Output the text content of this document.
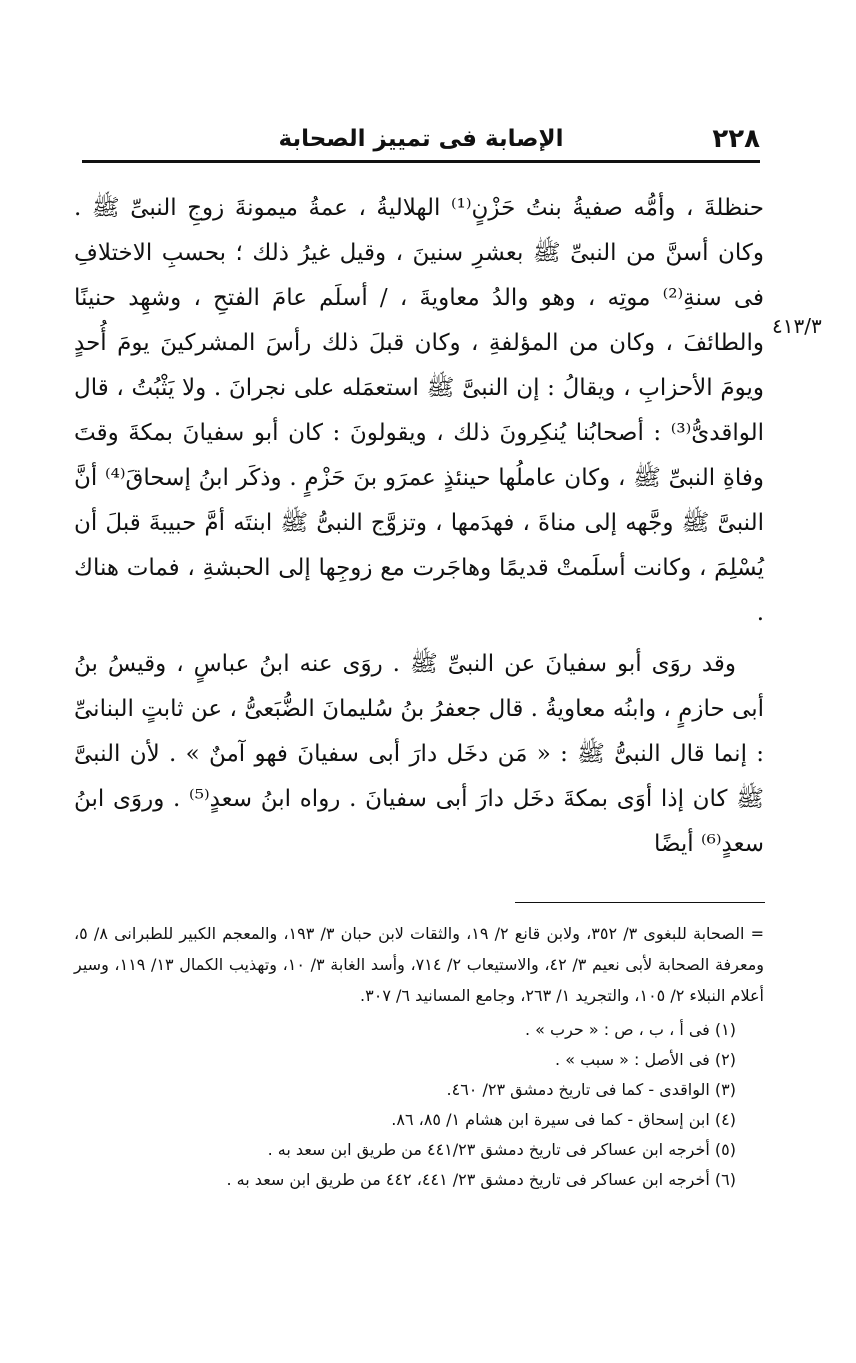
٢٢٨
الإصابة فى تمييز الصحابة
٤١٣/٣

حنظلةَ ، وأمُّه صفيةُ بنتُ حَزْنٍ⁽¹⁾ الهلاليةُ ، عمةُ ميمونةَ زوجِ النبىِّ ﷺ . وكان أسنَّ من النبىِّ ﷺ بعشرِ سنينَ ، وقيل غيرُ ذلك ؛ بحسبِ الاختلافِ فى سنةِ⁽²⁾ موتِه ، وهو والدُ معاويةَ ، / أسلَم عامَ الفتحِ ، وشهِد حنينًا والطائفَ ، وكان من المؤلفةِ ، وكان قبلَ ذلك رأسَ المشركينَ يومَ أُحدٍ ويومَ الأحزابِ ، ويقالُ : إن النبىَّ ﷺ استعمَله على نجرانَ . ولا يَثْبُتُ ، قال الواقدىُّ⁽³⁾ : أصحابُنا يُنكِرونَ ذلك ، ويقولونَ : كان أبو سفيانَ بمكةَ وقتَ وفاةِ النبىِّ ﷺ ، وكان عاملُها حينئذٍ عمرَو بنَ حَزْمٍ . وذكَر ابنُ إسحاقَ⁽⁴⁾ أنَّ النبىَّ ﷺ وجَّهه إلى مناةَ ، فهدَمها ، وتزوَّج النبىُّ ﷺ ابنتَه أمَّ حبيبةَ قبلَ أن يُسْلِمَ ، وكانت أسلَمتْ قديمًا وهاجَرت مع زوجِها إلى الحبشةِ ، فمات هناك .

وقد روَى أبو سفيانَ عن النبىِّ ﷺ . روَى عنه ابنُ عباسٍ ، وقيسُ بنُ أبى حازمٍ ، وابنُه معاويةُ . قال جعفرُ بنُ سُليمانَ الضُّبَعىُّ ، عن ثابتٍ البنانىِّ : إنما قال النبىُّ ﷺ : « مَن دخَل دارَ أبى سفيانَ فهو آمنٌ » . لأن النبىَّ ﷺ كان إذا أوَى بمكةَ دخَل دارَ أبى سفيانَ . رواه ابنُ سعدٍ⁽⁵⁾ . وروَى ابنُ سعدٍ⁽⁶⁾ أيضًا

= الصحابة للبغوى ٣/ ٣٥٢، ولابن قانع ٢/ ١٩، والثقات لابن حبان ٣/ ١٩٣، والمعجم الكبير للطبرانى ٨/ ٥، ومعرفة الصحابة لأبى نعيم ٣/ ٤٢، والاستيعاب ٢/ ٧١٤، وأسد الغابة ٣/ ١٠، وتهذيب الكمال ١٣/ ١١٩، وسير أعلام النبلاء ٢/ ١٠٥، والتجريد ١/ ٢٦٣، وجامع المسانيد ٦/ ٣٠٧.

(١) فى أ ، ب ، ص : « حرب » .
(٢) فى الأصل : « سبب » .
(٣) الواقدى - كما فى تاريخ دمشق ٢٣/ ٤٦٠.
(٤) ابن إسحاق - كما فى سيرة ابن هشام ١/ ٨٥، ٨٦.
(٥) أخرجه ابن عساكر فى تاريخ دمشق ٤٤١/٢٣ من طريق ابن سعد به .
(٦) أخرجه ابن عساكر فى تاريخ دمشق ٢٣/ ٤٤١، ٤٤٢ من طريق ابن سعد به .
